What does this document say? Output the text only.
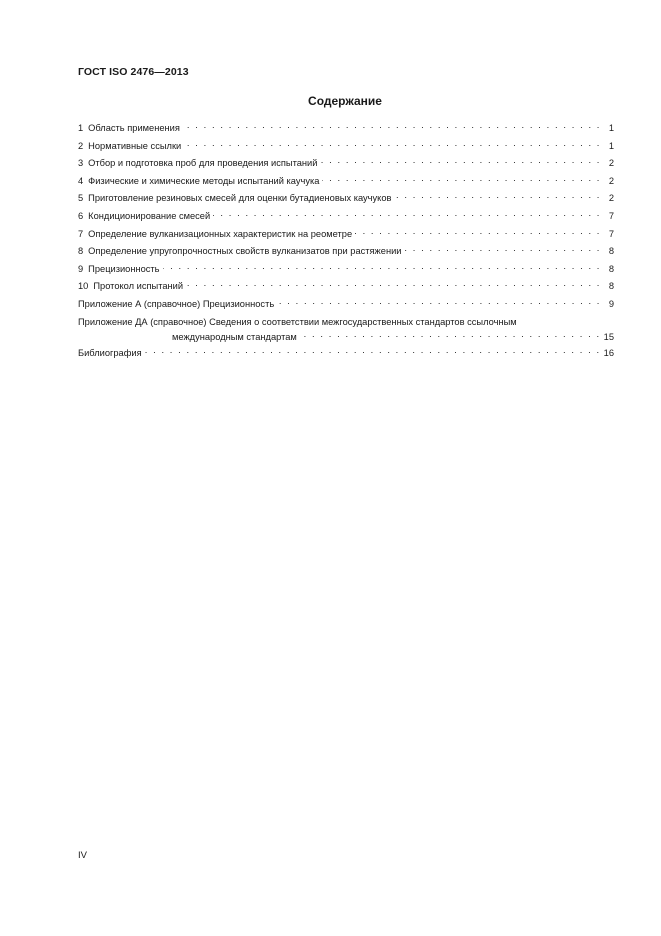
ГОСТ ISO 2476—2013
Содержание
1 Область применения . . .	1
2 Нормативные ссылки . . .	1
3 Отбор и подготовка проб для проведения испытаний . . .	2
4 Физические и химические методы испытаний каучука . . .	2
5 Приготовление резиновых смесей для оценки бутадиеновых каучуков . . .	2
6 Кондиционирование смесей . . .	7
7 Определение вулканизационных характеристик на реометре . . .	7
8 Определение упругопрочностных свойств вулканизатов при растяжении . . .	8
9 Прецизионность . . .	8
10 Протокол испытаний . . .	8
Приложение А (справочное) Прецизионность . . .	9
Приложение ДА (справочное) Сведения о соответствии межгосударственных стандартов ссылочным
международным стандартам . . .	15
Библиография . . .	16
IV
